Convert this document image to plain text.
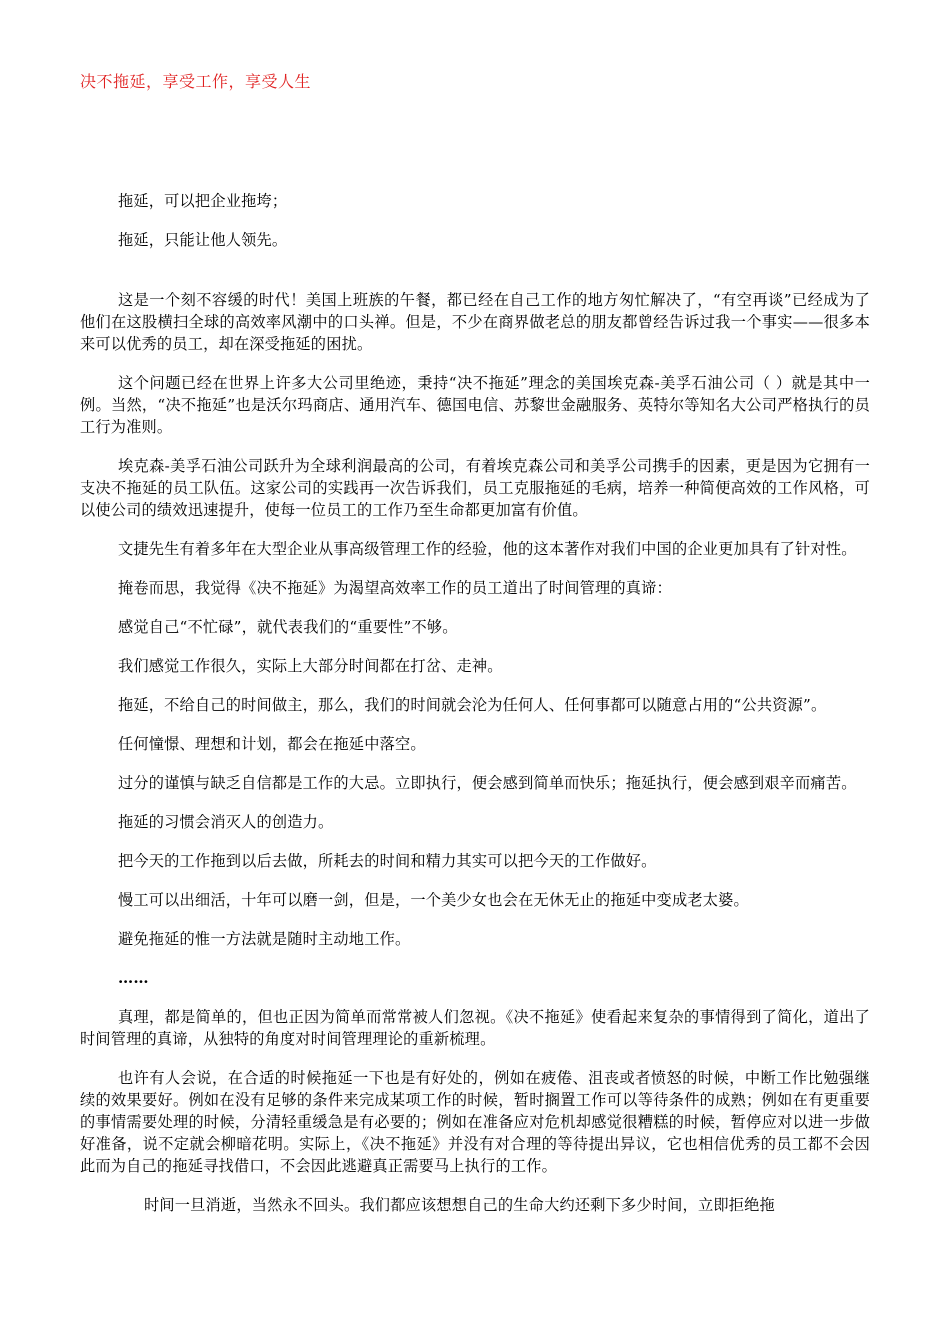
决不拖延，享受工作，享受人生

拖延，可以把企业拖垮；

拖延，只能让他人领先。

这是一个刻不容缓的时代！美国上班族的午餐，都已经在自己工作的地方匆忙解决了，“有空再谈”已经成为了他们在这股横扫全球的高效率风潮中的口头禅。但是，不少在商界做老总的朋友都曾经告诉过我一个事实——很多本来可以优秀的员工，却在深受拖延的困扰。

这个问题已经在世界上许多大公司里绝迹，秉持“决不拖延”理念的美国埃克森-美孚石油公司（ ）就是其中一例。当然，“决不拖延”也是沃尔玛商店、通用汽车、德国电信、苏黎世金融服务、英特尔等知名大公司严格执行的员工行为准则。

埃克森-美孚石油公司跃升为全球利润最高的公司，有着埃克森公司和美孚公司携手的因素，更是因为它拥有一支决不拖延的员工队伍。这家公司的实践再一次告诉我们，员工克服拖延的毛病，培养一种简便高效的工作风格，可以使公司的绩效迅速提升，使每一位员工的工作乃至生命都更加富有价值。

文捷先生有着多年在大型企业从事高级管理工作的经验，他的这本著作对我们中国的企业更加具有了针对性。

掩卷而思，我觉得《决不拖延》为渴望高效率工作的员工道出了时间管理的真谛：

感觉自己“不忙碌”，就代表我们的“重要性”不够。

我们感觉工作很久，实际上大部分时间都在打岔、走神。

拖延，不给自己的时间做主，那么，我们的时间就会沦为任何人、任何事都可以随意占用的“公共资源”。

任何憧憬、理想和计划，都会在拖延中落空。

过分的谨慎与缺乏自信都是工作的大忌。立即执行，便会感到简单而快乐；拖延执行，便会感到艰辛而痛苦。

拖延的习惯会消灭人的创造力。

把今天的工作拖到以后去做，所耗去的时间和精力其实可以把今天的工作做好。

慢工可以出细活，十年可以磨一剑，但是，一个美少女也会在无休无止的拖延中变成老太婆。

避免拖延的惟一方法就是随时主动地工作。

……

真理，都是简单的，但也正因为简单而常常被人们忽视。《决不拖延》使看起来复杂的事情得到了简化，道出了时间管理的真谛，从独特的角度对时间管理理论的重新梳理。

也许有人会说，在合适的时候拖延一下也是有好处的，例如在疲倦、沮丧或者愤怒的时候，中断工作比勉强继续的效果要好。例如在没有足够的条件来完成某项工作的时候，暂时搁置工作可以等待条件的成熟；例如在有更重要的事情需要处理的时候，分清轻重缓急是有必要的；例如在准备应对危机却感觉很糟糕的时候，暂停应对以进一步做好准备，说不定就会柳暗花明。实际上，《决不拖延》并没有对合理的等待提出异议，它也相信优秀的员工都不会因此而为自己的拖延寻找借口，不会因此逃避真正需要马上执行的工作。

时间一旦消逝，当然永不回头。我们都应该想想自己的生命大约还剩下多少时间，立即拒绝拖
